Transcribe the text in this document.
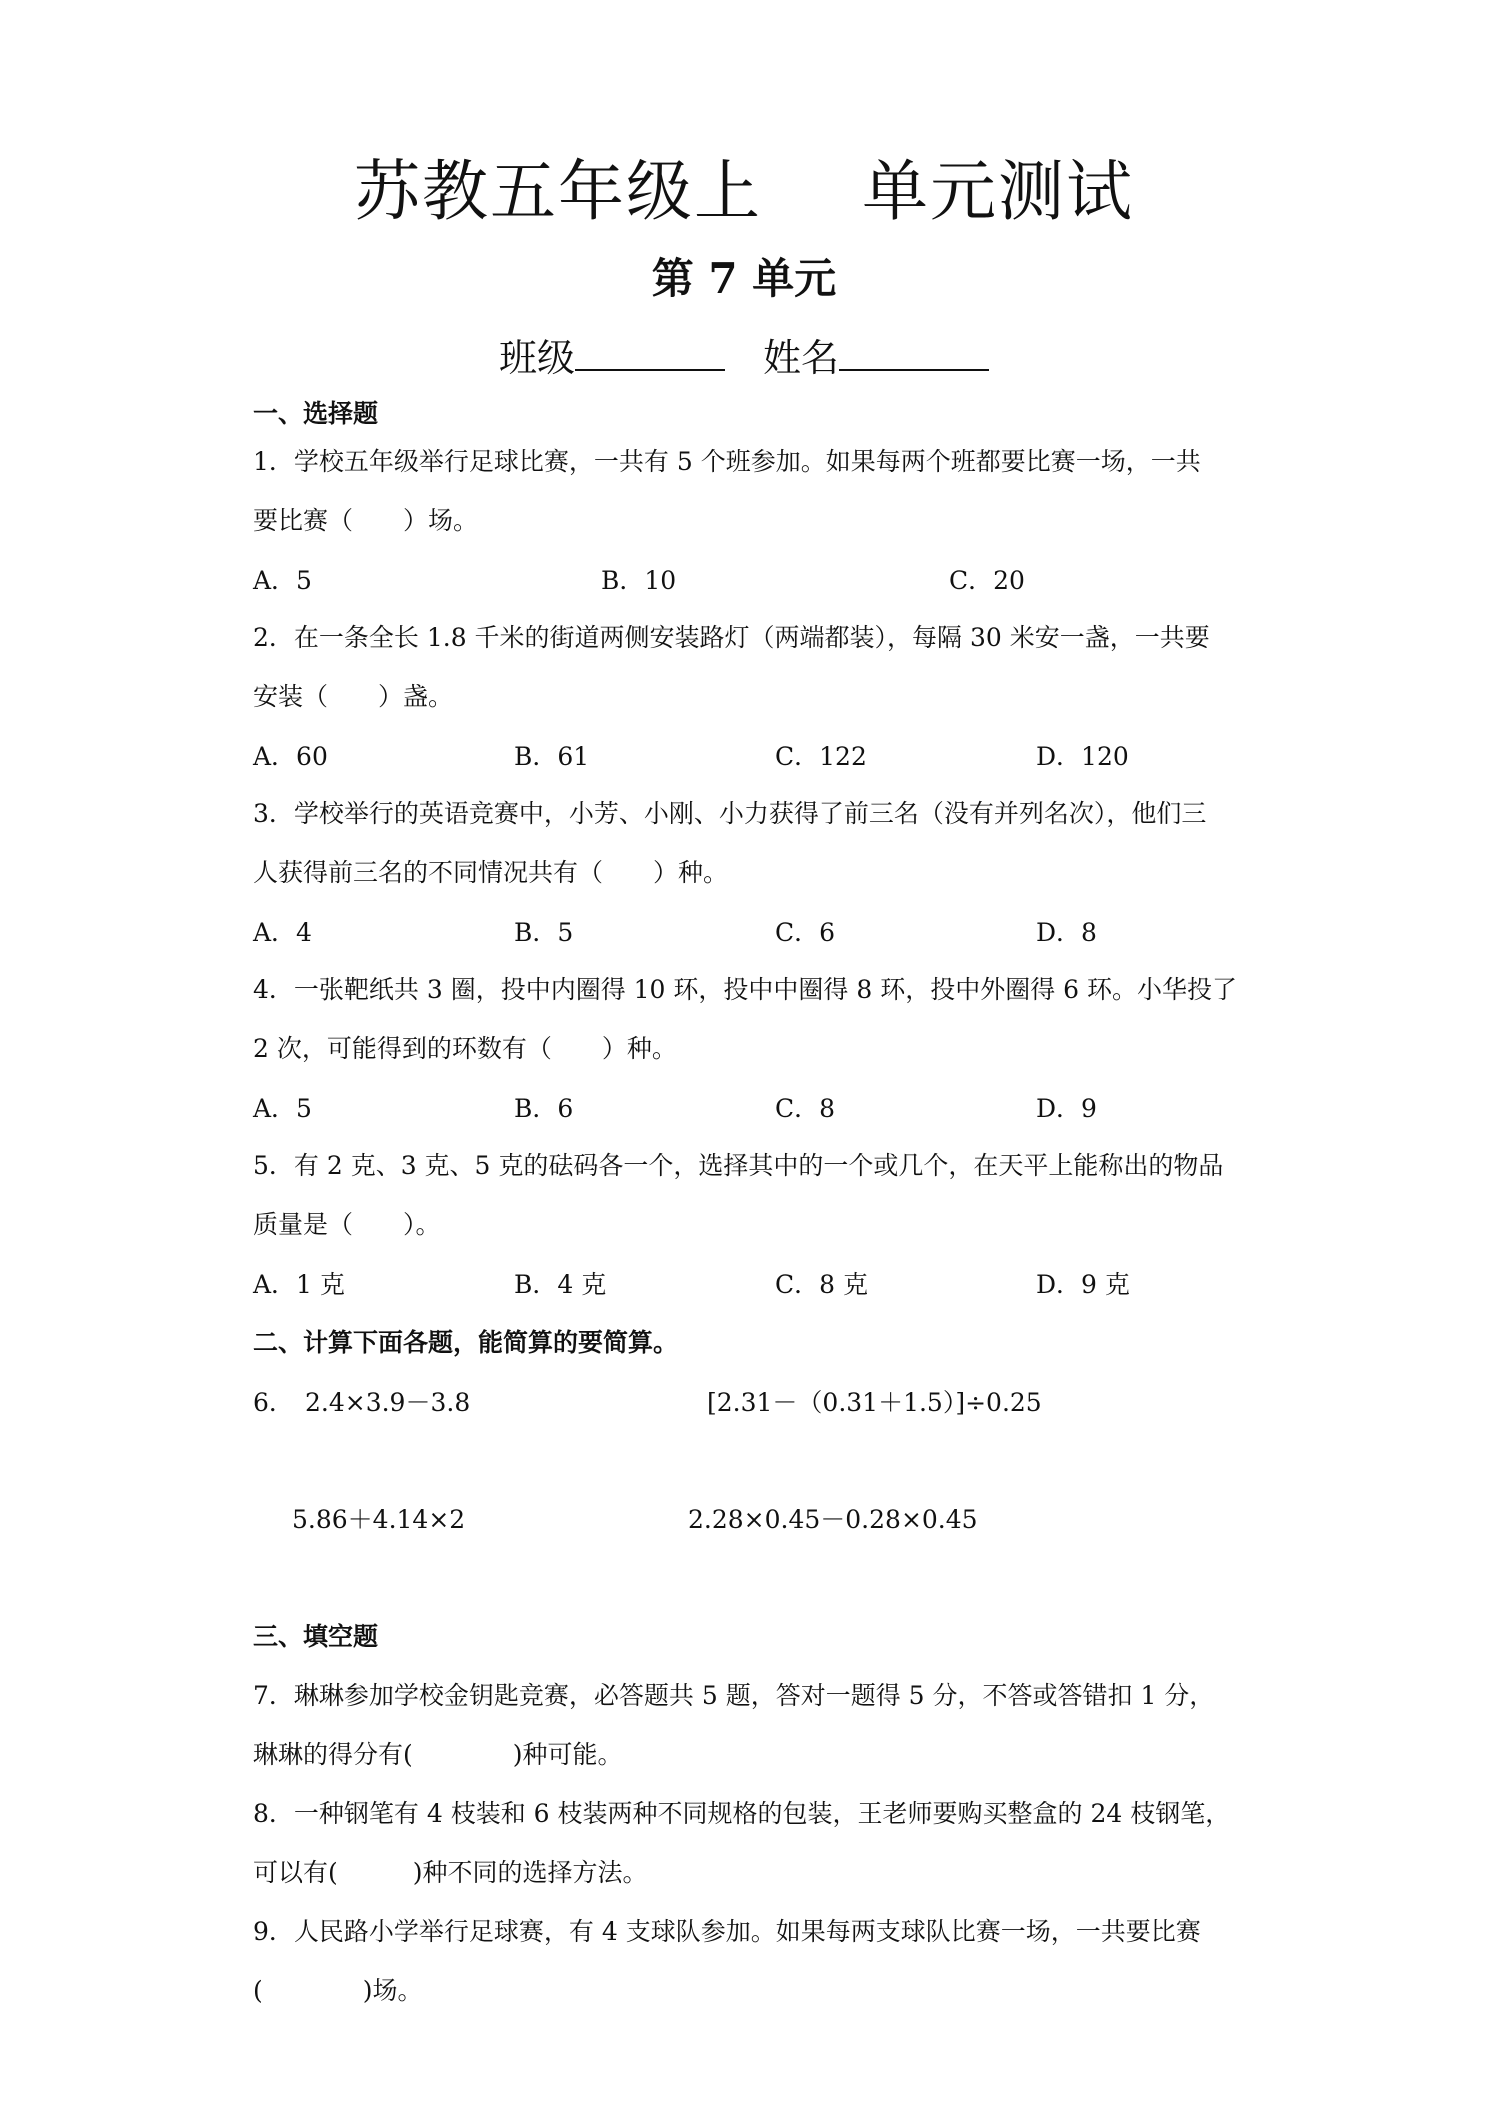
苏教五年级上 单元测试
第 7 单元
班级	姓名
一、选择题
1．学校五年级举行足球比赛，一共有 5 个班参加。如果每两个班都要比赛一场，一共
要比赛（　　）场。
A．5	B．10	C．20
2．在一条全长 1.8 千米的街道两侧安装路灯（两端都装），每隔 30 米安一盏，一共要
安装（　　）盏。
A．60	B．61	C．122	D．120
3．学校举行的英语竞赛中，小芳、小刚、小力获得了前三名（没有并列名次），他们三
人获得前三名的不同情况共有（　　）种。
A．4	B．5	C．6	D．8
4．一张靶纸共 3 圈，投中内圈得 10 环，投中中圈得 8 环，投中外圈得 6 环。小华投了
2 次，可能得到的环数有（　　）种。
A．5	B．6	C．8	D．9
5．有 2 克、3 克、5 克的砝码各一个，选择其中的一个或几个，在天平上能称出的物品
质量是（　　）。
A．1 克	B．4 克	C．8 克	D．9 克
二、计算下面各题，能简算的要简算。
6． 2.4×3.9－3.8	[2.31－（0.31＋1.5）]÷0.25
5.86＋4.14×2	2.28×0.45－0.28×0.45
三、填空题
7．琳琳参加学校金钥匙竞赛，必答题共 5 题，答对一题得 5 分，不答或答错扣 1 分，
琳琳的得分有(　　　　)种可能。
8．一种钢笔有 4 枝装和 6 枝装两种不同规格的包装，王老师要购买整盒的 24 枝钢笔，
可以有(　　　)种不同的选择方法。
9．人民路小学举行足球赛，有 4 支球队参加。如果每两支球队比赛一场，一共要比赛
(　　　　)场。
